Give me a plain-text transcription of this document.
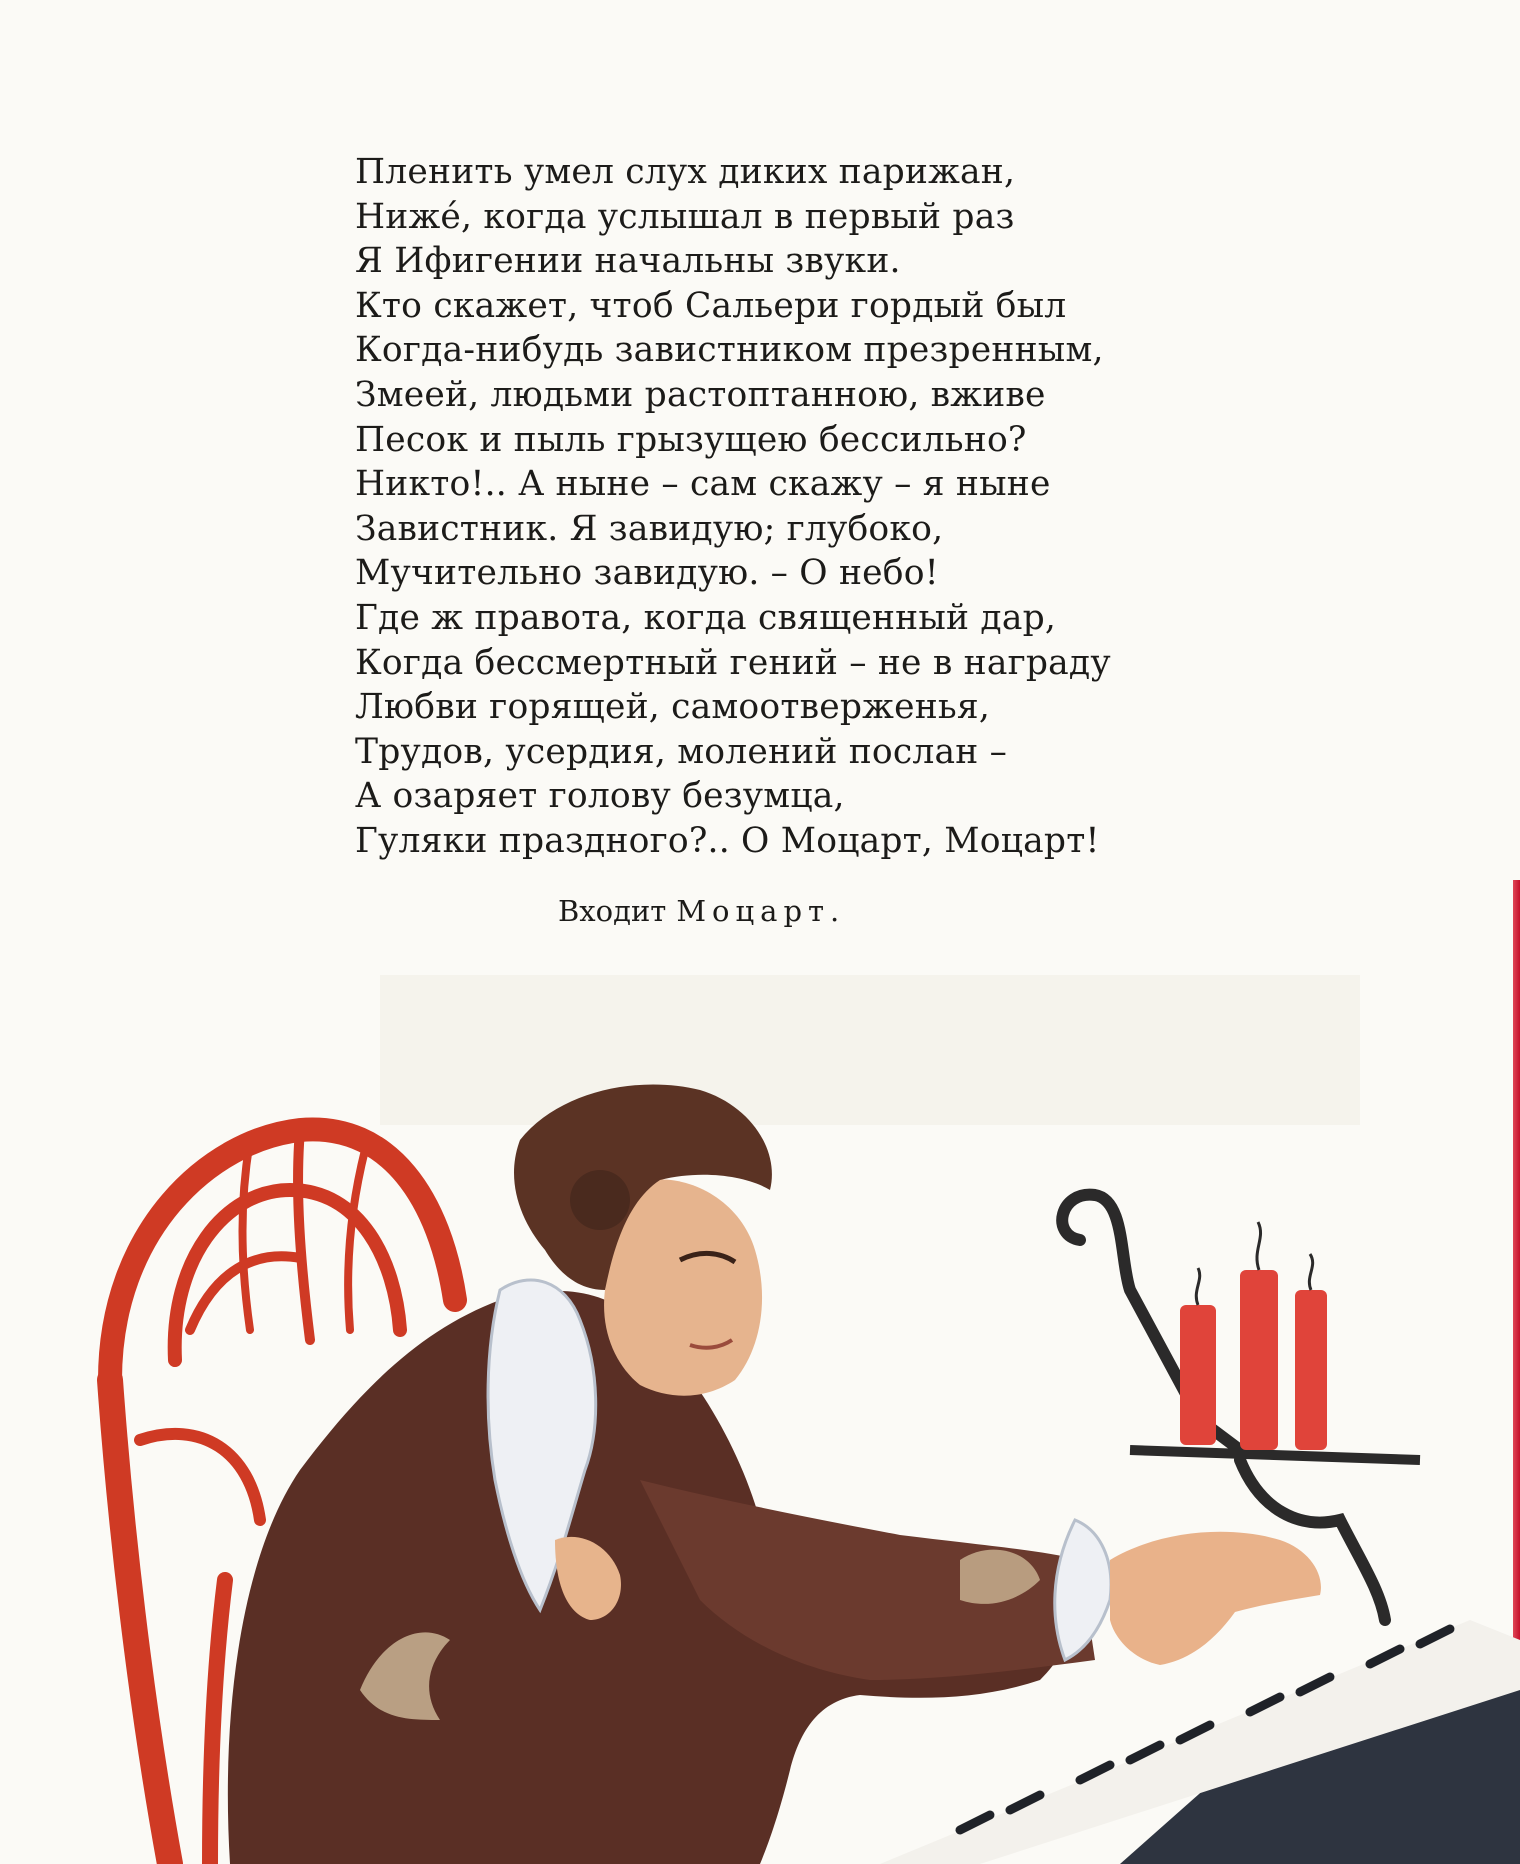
Пленить умел слух диких парижан,
Ниже́, когда услышал в первый раз
Я Ифигении начальны звуки.
Кто скажет, чтоб Сальери гордый был
Когда-нибудь завистником презренным,
Змеей, людьми растоптанною, вживе
Песок и пыль грызущею бессильно?
Никто!.. А ныне – сам скажу – я ныне
Завистник. Я завидую; глубоко,
Мучительно завидую. – О небо!
Где ж правота, когда священный дар,
Когда бессмертный гений – не в награду
Любви горящей, самоотверженья,
Трудов, усердия, молений послан –
А озаряет голову безумца,
Гуляки праздного?.. О Моцарт, Моцарт!
Входит Моцарт.
